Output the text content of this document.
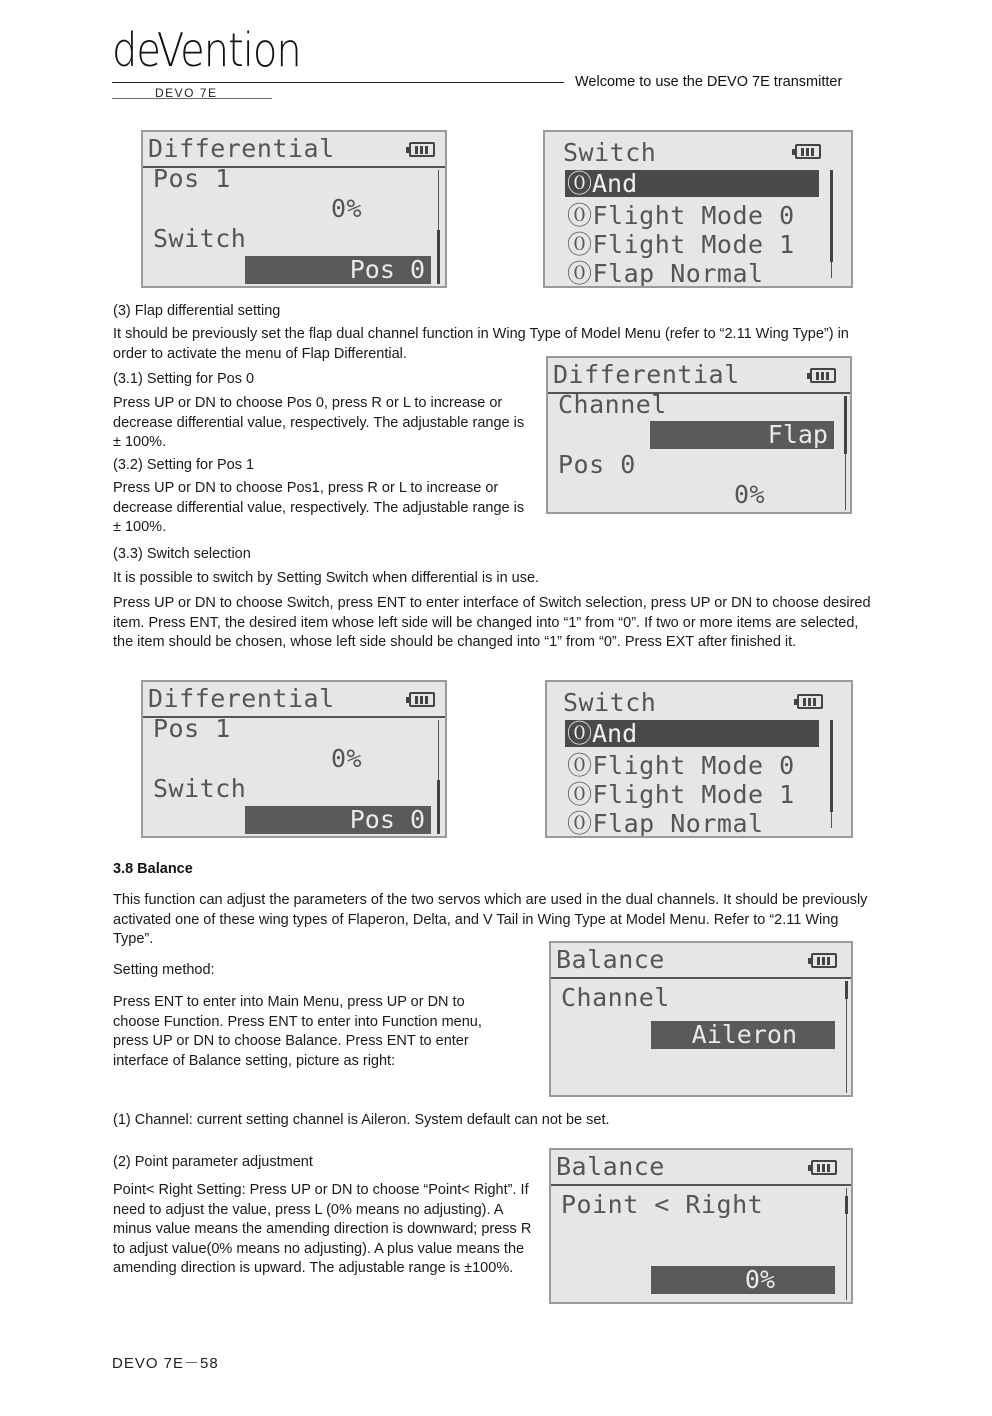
deVention
DEVO 7E
Welcome to use the DEVO 7E transmitter
Differential
Pos 1
0%
Switch
Pos 0
Switch
⓪And
⓪Flight Mode 0
⓪Flight Mode 1
⓪Flap Normal
(3) Flap differential setting
It should be previously set the flap dual channel function in Wing Type of Model Menu (refer to “2.11 Wing Type”) in order to activate the menu of Flap Differential.
(3.1) Setting for Pos 0
Press UP or DN to choose Pos 0, press R or L to increase or decrease differential value, respectively. The adjustable range is ± 100%.
(3.2) Setting for Pos 1
Press UP or DN to choose Pos1, press R or L to increase or decrease differential value, respectively. The adjustable range is ± 100%.
Differential
Channel
Flap
Pos 0
0%
(3.3) Switch selection
It is possible to switch by Setting Switch when differential is in use.
Press UP or DN to choose Switch, press ENT to enter interface of Switch selection, press UP or DN to choose desired item. Press ENT, the desired item whose left side will be changed into “1” from “0”. If two or more items are selected, the item should be chosen, whose left side should be changed into “1” from “0”. Press EXT after finished it.
Differential
Pos 1
0%
Switch
Pos 0
Switch
⓪And
⓪Flight Mode 0
⓪Flight Mode 1
⓪Flap Normal
3.8 Balance
This function can adjust the parameters of the two servos which are used in the dual channels. It should be previously activated one of these wing types of Flaperon, Delta, and V Tail in Wing Type at Model Menu. Refer to “2.11 Wing Type”.
Setting method:
Press ENT to enter into Main Menu, press UP or DN to choose Function. Press ENT to enter into Function menu, press UP or DN to choose Balance. Press ENT to enter interface of Balance setting, picture as right:
Balance
Channel
Aileron
(1) Channel: current setting channel is Aileron. System default can not be set.
(2) Point parameter adjustment
Point< Right Setting: Press UP or DN to choose “Point< Right”. If need to adjust the value, press L (0% means no adjusting). A minus value means the amending direction is downward; press R to adjust value(0% means no adjusting). A plus value means the amending direction is upward. The adjustable range is ±100%.
Balance
Point < Right
0%
DEVO 7E－58
